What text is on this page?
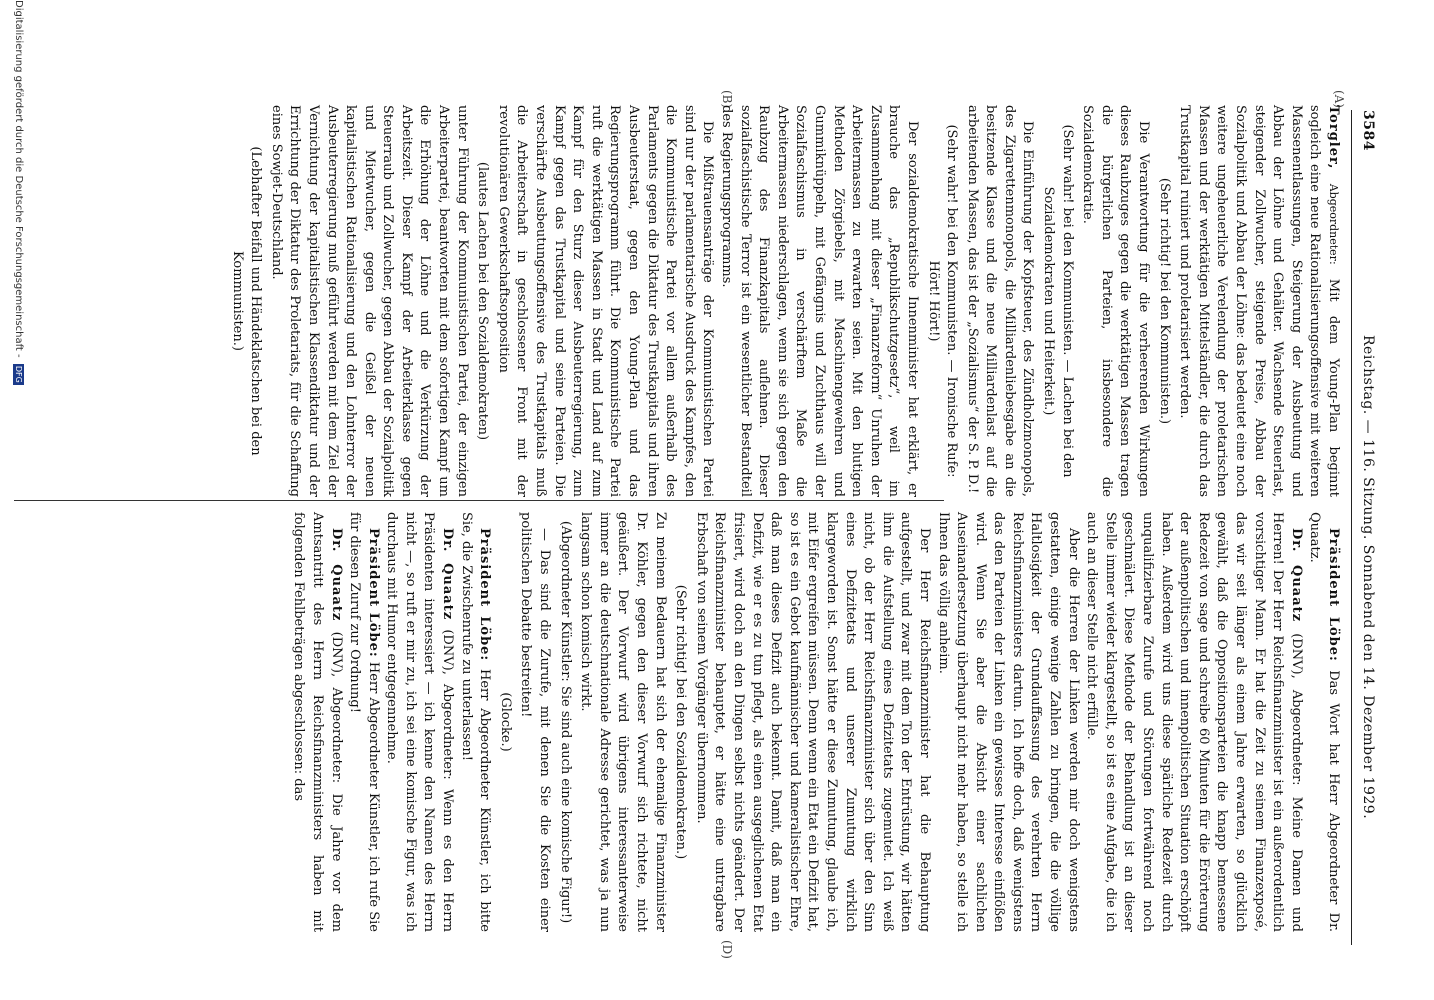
3584
Reichstag. — 116. Sitzung. Sonnabend den 14. Dezember 1929.
(A)
(B)
(D)

Torgler, Abgeordneter: Mit dem Young-Plan beginnt sogleich eine neue Rationalisierungsoffensive mit weiteren Massenentlassungen, Steigerung der Ausbeutung und Abbau der Löhne und Gehälter. Wachsende Steuerlast, steigender Zollwucher, steigende Preise, Abbau der Sozialpolitik und Abbau der Löhne: das bedeutet eine noch weitere ungeheuerliche Verelendung der proletarischen Massen und der werktätigen Mittelständler, die durch das Trustkapital ruiniert und proletarisiert werden.

(Sehr richtig! bei den Kommunisten.)

Die Verantwortung für die verheerenden Wirkungen dieses Raubzuges gegen die werktätigen Massen tragen die bürgerlichen Parteien, insbesondere die Sozialdemokratie.

(Sehr wahr! bei den Kommunisten. — Lachen bei den Sozialdemokraten und Heiterkeit.)

Die Einführung der Kopfsteuer, des Zündholzmonopols, des Zigarettenmonopols, die Milliardenliebesgabe an die besitzende Klasse und die neue Milliardenlast auf die arbeitenden Massen, das ist der „Sozialismus“ der S. P. D.!

(Sehr wahr! bei den Kommunisten. — Ironische Rufe: Hört! Hört!)

Der sozialdemokratische Innenminister hat erklärt, er brauche das „Republikschutzgesetz“, weil im Zusammenhang mit dieser „Finanzreform“ Unruhen der Arbeitermassen zu erwarten seien. Mit den blutigen Methoden Zörgiebels, mit Maschinengewehren und Gummiknüppeln, mit Gefängnis und Zuchthaus will der Sozialfaschismus in verschärftem Maße die Arbeitermassen niederschlagen, wenn sie sich gegen den Raubzug des Finanzkapitals auflehnen. Dieser sozialfaschistische Terror ist ein wesentlicher Bestandteil des Regierungsprogramms.

Die Mißtrauensanträge der Kommunistischen Partei sind nur der parlamentarische Ausdruck des Kampfes, den die Kommunistische Partei vor allem außerhalb des Parlaments gegen die Diktatur des Trustkapitals und ihren Ausbeuterstaat, gegen den Young-Plan und das Regierungsprogramm führt. Die Kommunistische Partei ruft die werktätigen Massen in Stadt und Land auf zum Kampf für den Sturz dieser Ausbeuterregierung, zum Kampf gegen das Trustkapital und seine Parteien. Die verschärfte Ausbeutungsoffensive des Trustkapitals muß die Arbeiterschaft in geschlossener Front mit der revolutionären Gewerkschaftsopposition

(lautes Lachen bei den Sozialdemokraten)

unter Führung der Kommunistischen Partei, der einzigen Arbeiterpartei, beantworten mit dem sofortigen Kampf um die Erhöhung der Löhne und die Verkürzung der Arbeitszeit. Dieser Kampf der Arbeiterklasse gegen Steuerraub und Zollwucher, gegen Abbau der Sozialpolitik und Mietwucher, gegen die Geißel der neuen kapitalistischen Rationalisierung und den Lohnterror der Ausbeuterregierung muß geführt werden mit dem Ziel der Vernichtung der kapitalistischen Klassendiktatur und der Errichtung der Diktatur des Proletariats, für die Schaffung eines Sowjet-Deutschland.

(Lebhafter Beifall und Händeklatschen bei den Kommunisten.)

Präsident Löbe: Das Wort hat Herr Abgeordneter Dr. Quaatz.

Dr. Quaatz (DNV), Abgeordneter: Meine Damen und Herren! Der Herr Reichsfinanzminister ist ein außerordentlich vorsichtiger Mann. Er hat die Zeit zu seinem Finanzexposé, das wir seit länger als einem Jahre erwarten, so glücklich gewählt, daß die Oppositionsparteien die knapp bemessene Redezeit von sage und schreibe 60 Minuten für die Erörterung der außenpolitischen und innenpolitischen Situation erschöpft haben. Außerdem wird uns diese spärliche Redezeit durch unqualifizierbare Zurufe und Störungen fortwährend noch geschmälert. Diese Methode der Behandlung ist an dieser Stelle immer wieder klargestellt, so ist es eine Aufgabe, die ich auch an dieser Stelle nicht erfülle.

Aber die Herren der Linken werden mir doch wenigstens gestatten, einige wenige Zahlen zu bringen, die die völlige Haltlosigkeit der Grundauffassung des verehrten Herrn Reichsfinanzministers dartun. Ich hoffe doch, daß wenigstens das den Parteien der Linken ein gewisses Interesse einflößen wird. Wenn Sie aber die Absicht einer sachlichen Auseinandersetzung überhaupt nicht mehr haben, so stelle ich Ihnen das völlig anheim.

Der Herr Reichsfinanzminister hat die Behauptung aufgestellt, und zwar mit dem Ton der Entrüstung, wir hätten ihm die Aufstellung eines Defizitetats zugemutet. Ich weiß nicht, ob der Herr Reichsfinanzminister sich über den Sinn eines Defizitetats und unserer Zumutung wirklich klargeworden ist. Sonst hätte er diese Zumutung, glaube ich, mit Eifer ergreifen müssen. Denn wenn ein Etat ein Defizit hat, so ist es ein Gebot kaufmännischer und kameralistischer Ehre, daß man dieses Defizit auch bekennt. Damit, daß man ein Defizit, wie er es zu tun pflegt, als einen ausgeglichenen Etat frisiert, wird doch an den Dingen selbst nichts geändert. Der Reichsfinanzminister behauptet, er hätte eine untragbare Erbschaft von seinem Vorgänger übernommen.

(Sehr richtig! bei den Sozialdemokraten.)

Zu meinem Bedauern hat sich der ehemalige Finanzminister Dr. Köhler, gegen den dieser Vorwurf sich richtete, nicht geäußert. Der Vorwurf wird übrigens interessanterweise immer an die deutschnationale Adresse gerichtet, was ja nun langsam schon komisch wirkt.

(Abgeordneter Künstler: Sie sind auch eine komische Figur!)

— Das sind die Zurufe, mit denen Sie die Kosten einer politischen Debatte bestreiten!

(Glocke.)

Präsident Löbe: Herr Abgeordneter Künstler, ich bitte Sie, die Zwischenrufe zu unterlassen!

Dr. Quaatz (DNV), Abgeordneter: Wenn es den Herrn Präsidenten interessiert — ich kenne den Namen des Herrn nicht —, so ruft er mir zu, ich sei eine komische Figur, was ich durchaus mit Humor entgegennehme.

Präsident Löbe: Herr Abgeordneter Künstler, ich rufe Sie für diesen Zuruf zur Ordnung!

Dr. Quaatz (DNV), Abgeordneter: Die Jahre vor dem Amtsantritt des Herrn Reichsfinanzministers haben mit folgenden Fehlbeträgen abgeschlossen: das

Digitalisierung gefördert durch die Deutsche Forschungsgemeinschaft - DFG
